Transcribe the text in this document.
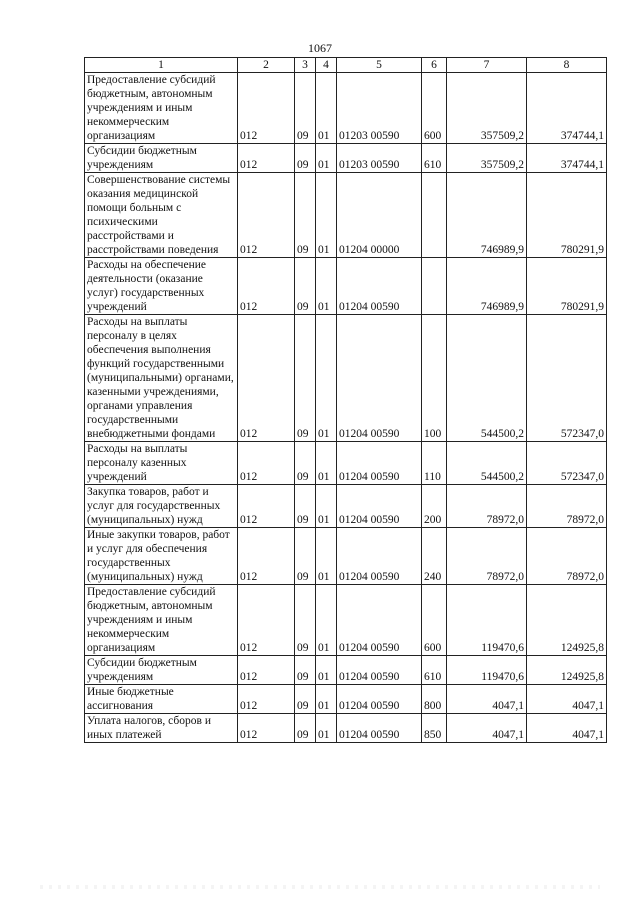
1067
1	2	3	4	5	6	7	8
Предоставление субсидий бюджетным, автономным учреждениям и иным некоммерческим организациям	012	09	01	01203 00590	600	357509,2	374744,1
Субсидии бюджетным учреждениям	012	09	01	01203 00590	610	357509,2	374744,1
Совершенствование системы оказания медицинской помощи больным с психическими расстройствами и расстройствами поведения	012	09	01	01204 00000		746989,9	780291,9
Расходы на обеспечение деятельности (оказание услуг) государственных учреждений	012	09	01	01204 00590		746989,9	780291,9
Расходы на выплаты персоналу в целях обеспечения выполнения функций государственными (муниципальными) органами, казенными учреждениями, органами управления государственными внебюджетными фондами	012	09	01	01204 00590	100	544500,2	572347,0
Расходы на выплаты персоналу казенных учреждений	012	09	01	01204 00590	110	544500,2	572347,0
Закупка товаров, работ и услуг для государственных (муниципальных) нужд	012	09	01	01204 00590	200	78972,0	78972,0
Иные закупки товаров, работ и услуг для обеспечения государственных (муниципальных) нужд	012	09	01	01204 00590	240	78972,0	78972,0
Предоставление субсидий бюджетным, автономным учреждениям и иным некоммерческим организациям	012	09	01	01204 00590	600	119470,6	124925,8
Субсидии бюджетным учреждениям	012	09	01	01204 00590	610	119470,6	124925,8
Иные бюджетные ассигнования	012	09	01	01204 00590	800	4047,1	4047,1
Уплата налогов, сборов и иных платежей	012	09	01	01204 00590	850	4047,1	4047,1
